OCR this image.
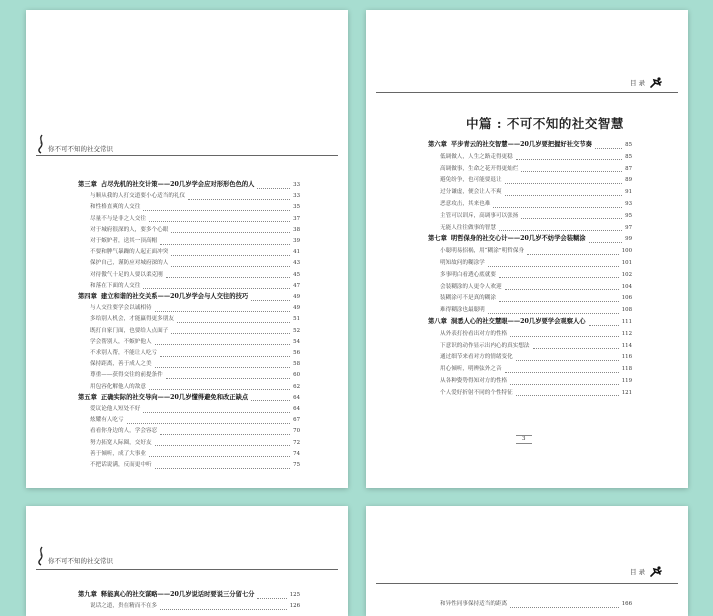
你不可不知的社交常识
第三章 占尽先机的社交计策——20几岁学会应对形形色色的人	33
与顺从我的人打交道要小心适当的礼仪	33
和性格直爽的人交往	35
尽量不与是非之人交往	37
对于城府很深的人，要多个心眼	38
对于嫉妒者，送其一顶高帽	39
不要和脾气暴躁的人起正面冲突	41
保护自己，谨防应对城府深的人	43
对待傲气十足的人要以柔克刚	45
和落在下面的人交往	47
第四章 建立和谐的社交关系——20几岁学会与人交往的技巧	49
与人交往要学会以诚相待	49
多给别人机会，才能赢得更多朋友	51
既打自家门面，也要给人点面子	52
学会帮别人，不嫉妒他人	54
不求别人帮，不能让人吃亏	56
保持距离，善于成人之美	58
尊重——获得交往的前提条件	60
用包容化解他人的敌意	62
第五章 正确实际的社交导向——20几岁懂得避免和改正缺点	64
爱议论他人短处不好	64
炫耀有人吃亏	67
看看你身边的人，学会容忍	70
努力拓宽人际圈，交好友	72
善于倾听，成了大事业	74
不把话说满，反而更中听	75
目 录
中篇 : 不可不知的社交智慧
第六章 平步青云的社交智慧——20几岁要把握好社交节奏	85
低调做人，人生之路走得更稳	85
高调做事，生命之花开得更灿烂	87
避免纷争，也可能要退让	89
过分谦虚，便会让人不爽	91
恶意攻击，其来也难	93
主管可以训斥，高调事可以张扬	95
无能人往往做事的智慧	97
第七章 明哲保身的社交心计——20几岁不妨学会装糊涂	99
小聪明易招祸，用“糊涂”明哲保身	100
明知故问的糊涂学	101
多事明白看透心底就要	102
会装糊涂的人更令人欢迎	104
装糊涂可不是真的糊涂	106
难得糊涂也最聪明	108
第八章 洞悉人心的社交慧眼——20几岁要学会观察人心	111
从外表打扮看出对方的性格	112
下意识的动作显示出内心的真实想法	114
通过细节来看对方的情绪变化	116
用心倾听，明辨弦外之音	118
从各种姿势得知对方的性格	119
个人爱好折射不同的个性特征	121
3
你不可不知的社交常识
第九章 释能真心的社交谋略——20几岁说话时要说三分留七分	125
说话之道，贵在精而不在多	126
目 录
和异性同事保持适当的距离	166
